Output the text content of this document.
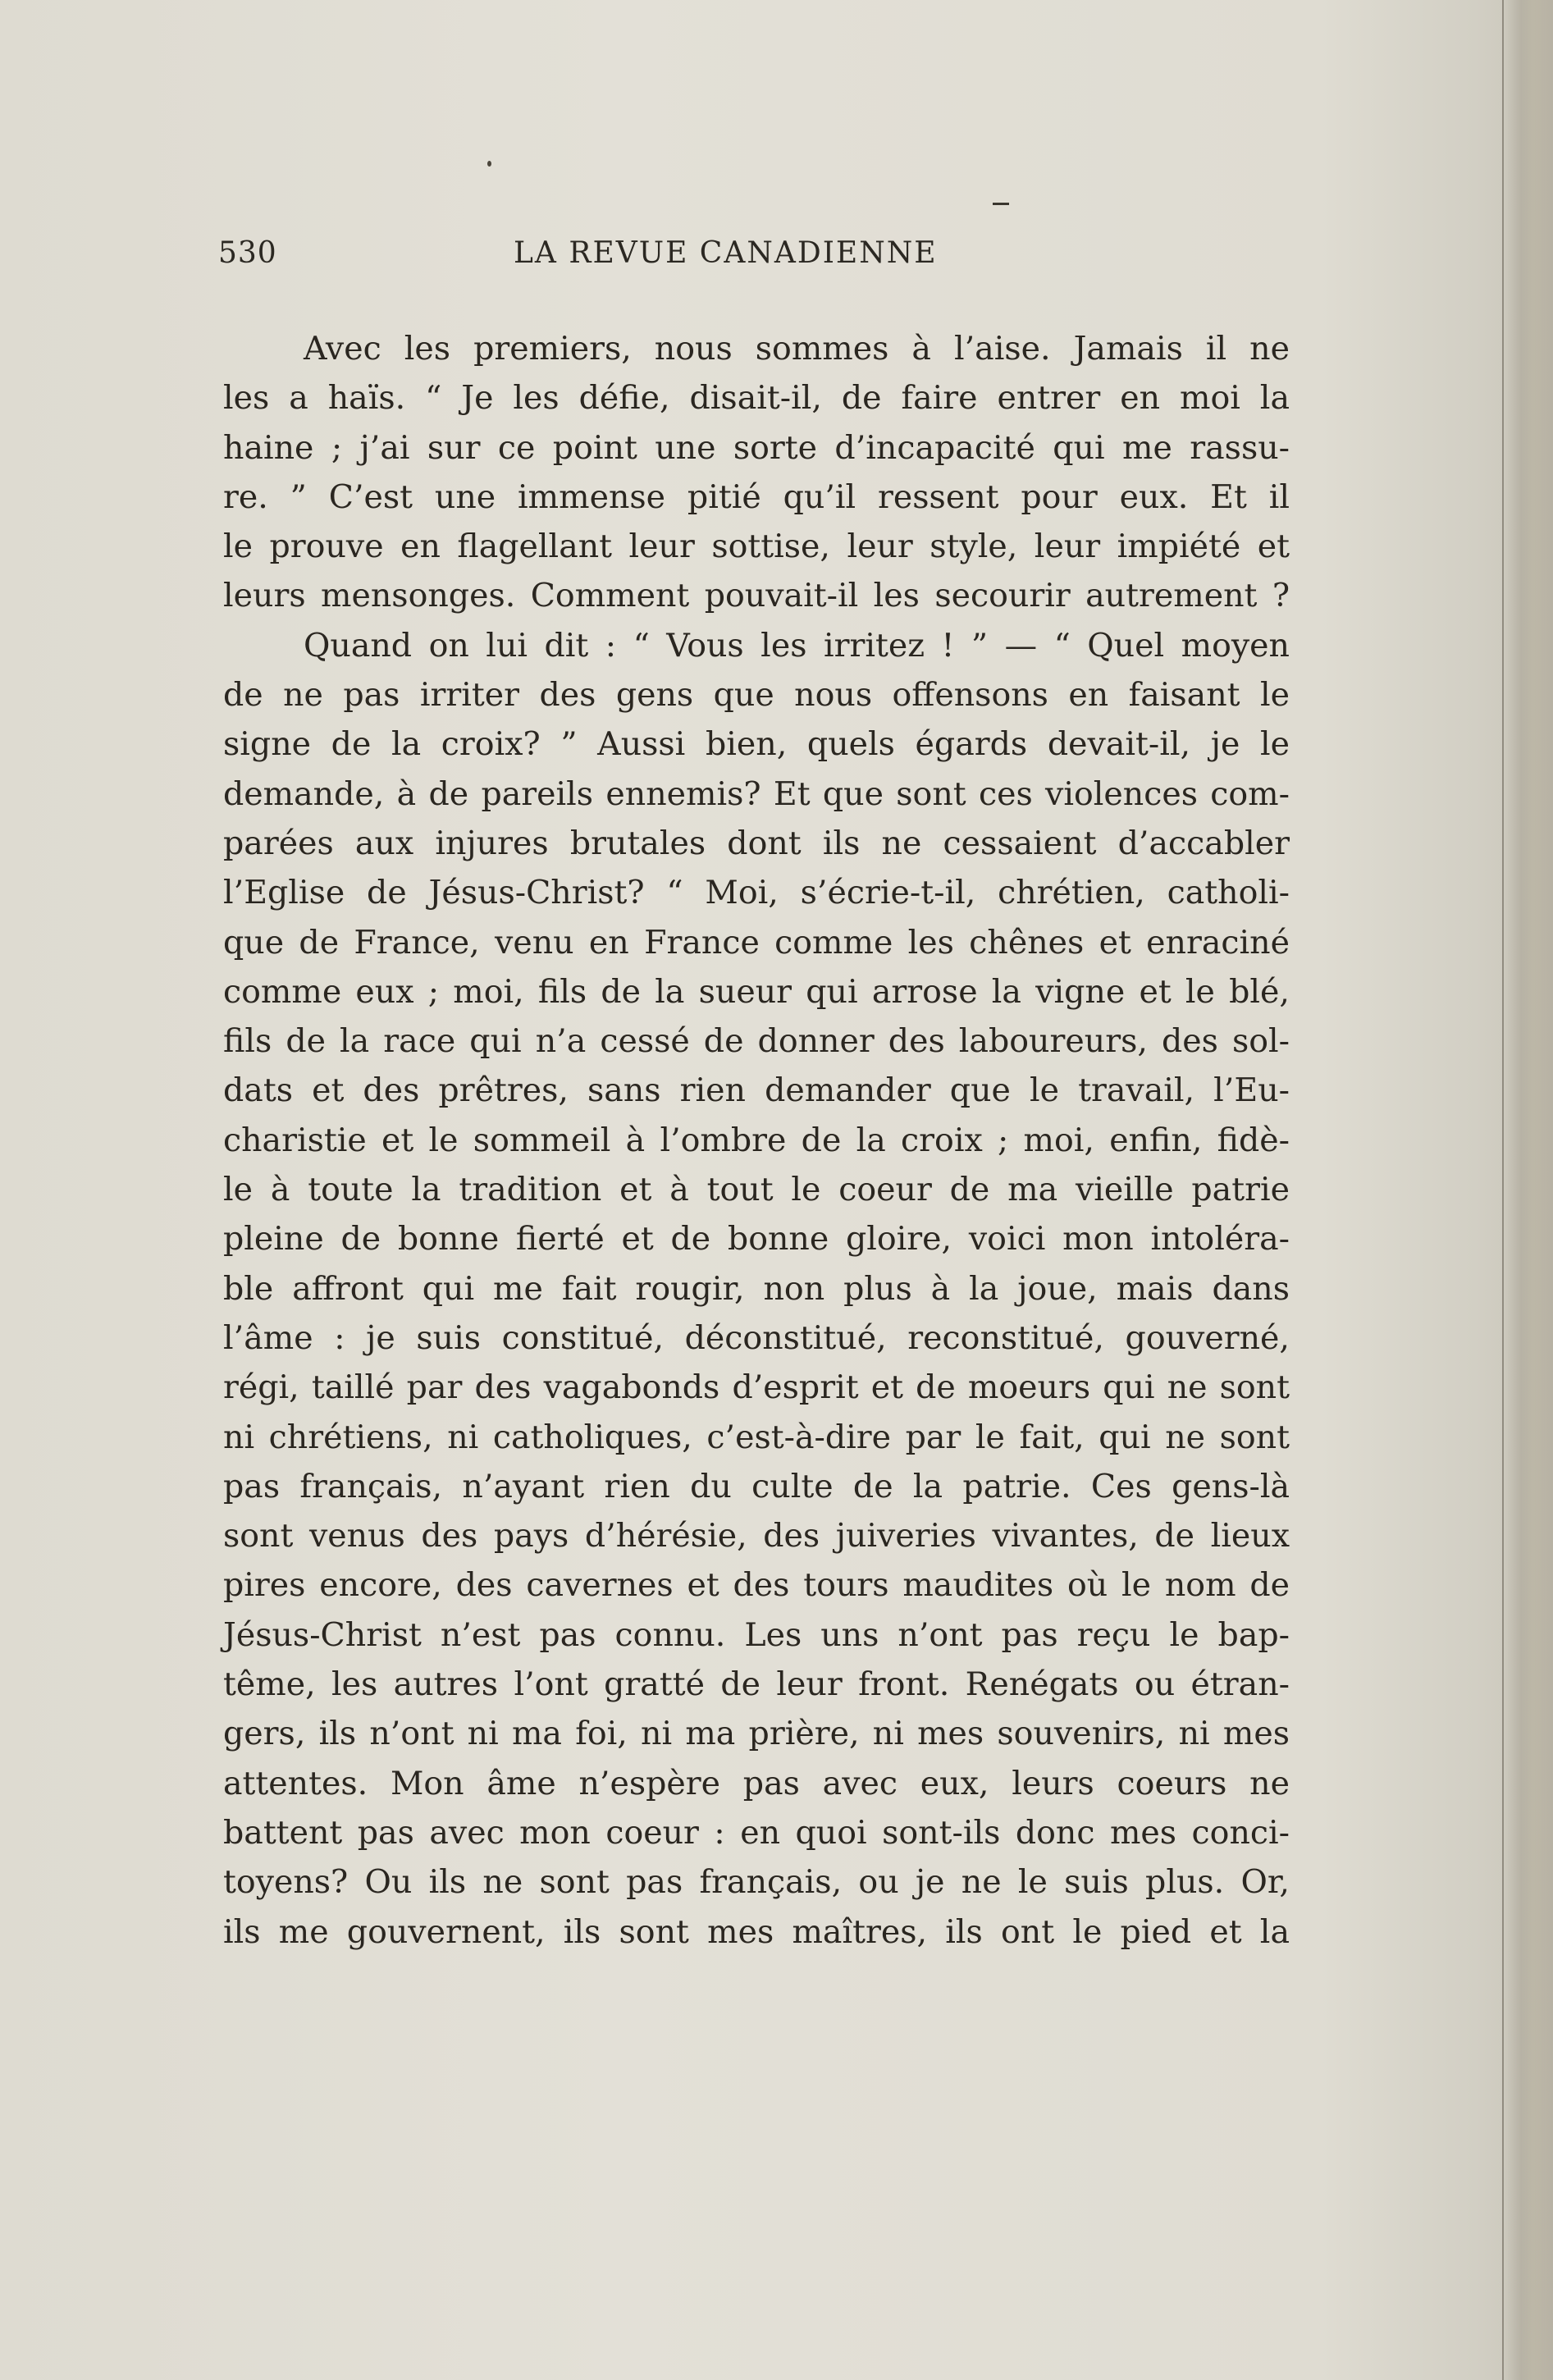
530	LA REVUE CANADIENNE
Avec les premiers, nous sommes à l’aise. Jamais il ne
les a haïs. “ Je les défie, disait-il, de faire entrer en moi la
haine ; j’ai sur ce point une sorte d’incapacité qui me rassu-
re. ” C’est une immense pitié qu’il ressent pour eux. Et il
le prouve en flagellant leur sottise, leur style, leur impiété et
leurs mensonges. Comment pouvait-il les secourir autrement ?
Quand on lui dit : “ Vous les irritez ! ” — “ Quel moyen
de ne pas irriter des gens que nous offensons en faisant le
signe de la croix? ” Aussi bien, quels égards devait-il, je le
demande, à de pareils ennemis? Et que sont ces violences com-
parées aux injures brutales dont ils ne cessaient d’accabler
l’Eglise de Jésus-Christ? “ Moi, s’écrie-t-il, chrétien, catholi-
que de France, venu en France comme les chênes et enraciné
comme eux ; moi, fils de la sueur qui arrose la vigne et le blé,
fils de la race qui n’a cessé de donner des laboureurs, des sol-
dats et des prêtres, sans rien demander que le travail, l’Eu-
charistie et le sommeil à l’ombre de la croix ; moi, enfin, fidè-
le à toute la tradition et à tout le coeur de ma vieille patrie
pleine de bonne fierté et de bonne gloire, voici mon intoléra-
ble affront qui me fait rougir, non plus à la joue, mais dans
l’âme : je suis constitué, déconstitué, reconstitué, gouverné,
régi, taillé par des vagabonds d’esprit et de moeurs qui ne sont
ni chrétiens, ni catholiques, c’est-à-dire par le fait, qui ne sont
pas français, n’ayant rien du culte de la patrie. Ces gens-là
sont venus des pays d’hérésie, des juiveries vivantes, de lieux
pires encore, des cavernes et des tours maudites où le nom de
Jésus-Christ n’est pas connu. Les uns n’ont pas reçu le bap-
tême, les autres l’ont gratté de leur front. Renégats ou étran-
gers, ils n’ont ni ma foi, ni ma prière, ni mes souvenirs, ni mes
attentes. Mon âme n’espère pas avec eux, leurs coeurs ne
battent pas avec mon coeur : en quoi sont-ils donc mes conci-
toyens? Ou ils ne sont pas français, ou je ne le suis plus. Or,
ils me gouvernent, ils sont mes maîtres, ils ont le pied et la
